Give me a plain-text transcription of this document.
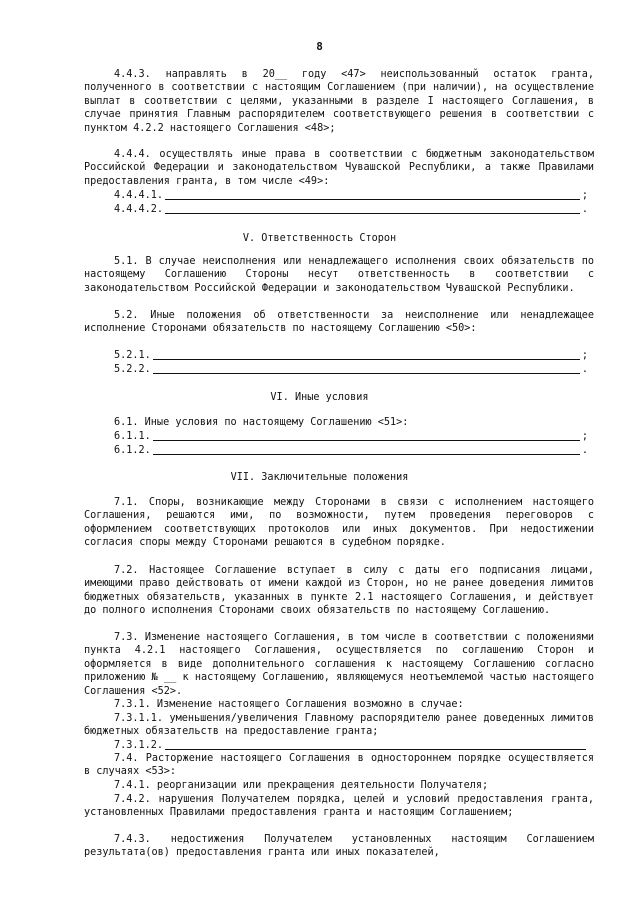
8

4.4.3. направлять в 20__ году <47> неиспользованный остаток гранта, полученного в соответствии с настоящим Соглашением (при наличии), на осуществление выплат в соответствии с целями, указанными в разделе I настоящего Соглашения, в случае принятия Главным распорядителем соответствующего решения в соответствии с пунктом 4.2.2 настоящего Соглашения <48>;

4.4.4. осуществлять иные права в соответствии с бюджетным законодательством Российской Федерации и законодательством Чувашской Республики, а также Правилами предоставления гранта, в том числе <49>:

4.4.4.1.	;
4.4.4.2.	.

V. Ответственность Сторон

5.1. В случае неисполнения или ненадлежащего исполнения своих обязательств по настоящему Соглашению Стороны несут ответственность в соответствии с законодательством Российской Федерации и законодательством Чувашской Республики.

5.2. Иные положения об ответственности за неисполнение или ненадлежащее исполнение Сторонами обязательств по настоящему Соглашению <50>:

5.2.1.	;
5.2.2.	.

VI. Иные условия

6.1. Иные условия по настоящему Соглашению <51>:

6.1.1.	;
6.1.2.	.

VII. Заключительные положения

7.1. Споры, возникающие между Сторонами в связи с исполнением настоящего Соглашения, решаются ими, по возможности, путем проведения переговоров с оформлением соответствующих протоколов или иных документов. При недостижении согласия споры между Сторонами решаются в судебном порядке.

7.2. Настоящее Соглашение вступает в силу с даты его подписания лицами, имеющими право действовать от имени каждой из Сторон, но не ранее доведения лимитов бюджетных обязательств, указанных в пункте 2.1 настоящего Соглашения, и действует до полного исполнения Сторонами своих обязательств по настоящему Соглашению.

7.3. Изменение настоящего Соглашения, в том числе в соответствии с положениями пункта 4.2.1 настоящего Соглашения, осуществляется по соглашению Сторон и оформляется в виде дополнительного соглашения к настоящему Соглашению согласно приложению № __ к настоящему Соглашению, являющемуся неотъемлемой частью настоящего Соглашения <52>.

7.3.1. Изменение настоящего Соглашения возможно в случае:

7.3.1.1. уменьшения/увеличения Главному распорядителю ранее доведенных лимитов бюджетных обязательств на предоставление гранта;

7.3.1.2.

7.4. Расторжение настоящего Соглашения в одностороннем порядке осуществляется в случаях <53>:

7.4.1. реорганизации или прекращения деятельности Получателя;

7.4.2. нарушения Получателем порядка, целей и условий предоставления гранта, установленных Правилами предоставления гранта и настоящим Соглашением;

7.4.3. недостижения Получателем установленных настоящим Соглашением результата(ов) предоставления гранта или иных показателей,
